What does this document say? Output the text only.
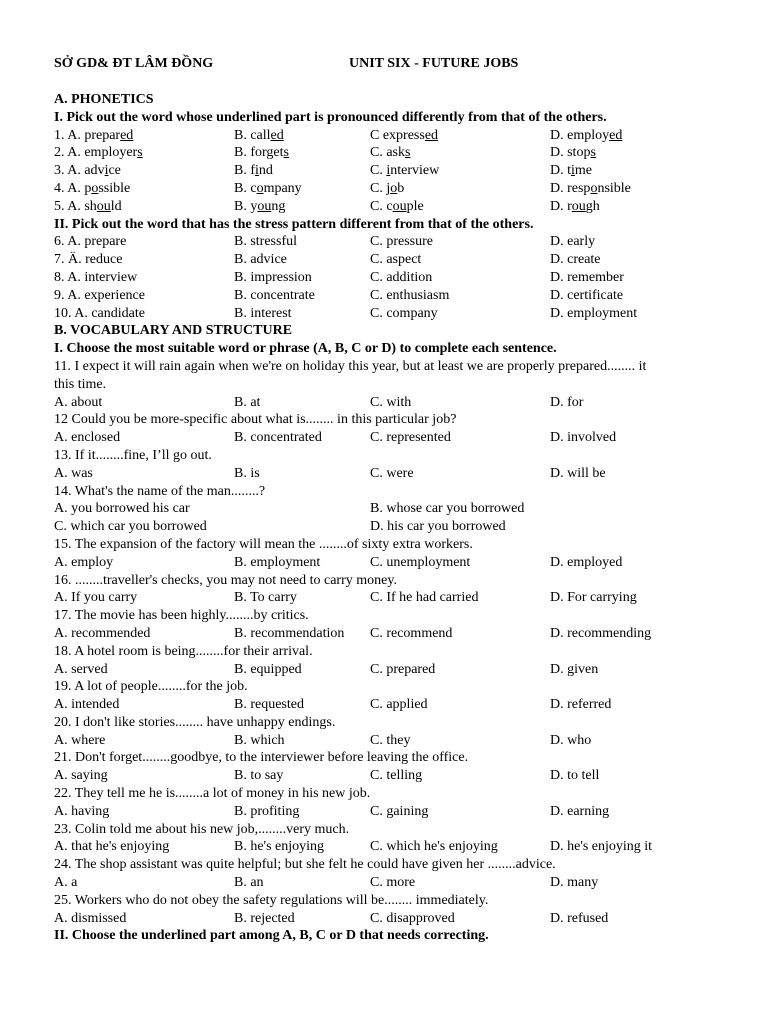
SỞ GD& ĐT LÂM ĐỒNG	UNIT SIX - FUTURE JOBS
A. PHONETICS
I. Pick out the word whose underlined part is pronounced differently from that of the others.
1. A. prepared	B. called	C expressed	D. employed
2. A. employers	B. forgets	C. asks	D. stops
3. A. advice	B. find	C. interview	D. time
4. A. possible	B. company	C. job	D. responsible
5. A. should	B. young	C. couple	D. rough
II. Pick out the word that has the stress pattern different from that of the others.
6. A. prepare	B. stressful	C. pressure	D. early
7. Ä. reduce	B. advice	C. aspect	D. create
8. A. interview	B. impression	C. addition	D. remember
9. A. experience	B. concentrate	C. enthusiasm	D. certificate
10. A. candidate	B. interest	C. company	D. employment
B. VOCABULARY AND STRUCTURE
I. Choose the most suitable word or phrase (A, B, C or D) to complete each sentence.
11. I expect it will rain again when we're on holiday this year, but at least we are properly prepared........ it
this time.
A. about	B. at	C. with	D. for
12 Could you be more-specific about what is........ in this particular job?
A. enclosed	B. concentrated	C. represented	D. involved
13. If it........fine, I’ll go out.
A. was	B. is	C. were	D. will be
14. What's the name of the man........?
A. you borrowed his car	B. whose car you borrowed
C. which car you borrowed	D. his car you borrowed
15. The expansion of the factory will mean the ........of sixty extra workers.
A. employ	B. employment	C. unemployment	D. employed
16. ........traveller's checks, you may not need to carry money.
A. If you carry	B. To carry	C. If he had carried	D. For carrying
17. The movie has been highly........by critics.
A. recommended	B. recommendation C. recommend	D. recommending
18. A hotel room is being........for their arrival.
A. served	B. equipped	C. prepared	D. given
19. A lot of people........for the job.
A. intended	B. requested	C. applied	D. referred
20. I don't like stories........ have unhappy endings.
A. where	B. which	C. they	D. who
21. Don't forget........goodbye, to the interviewer before leaving the office.
A. saying	B. to say	C. telling	D. to tell
22. They tell me he is........a lot of money in his new job.
A. having	B. profiting	C. gaining	D. earning
23. Colin told me about his new job,........very much.
A. that he's enjoying	B. he's enjoying	C. which he's enjoying	D. he's enjoying it
24. The shop assistant was quite helpful; but she felt he could have given her ........advice.
A. a	B. an	C. more	D. many
25. Workers who do not obey the safety regulations will be........ immediately.
A. dismissed	B. rejected	C. disapproved	D. refused
II. Choose the underlined part among A, B, C or D that needs correcting.
